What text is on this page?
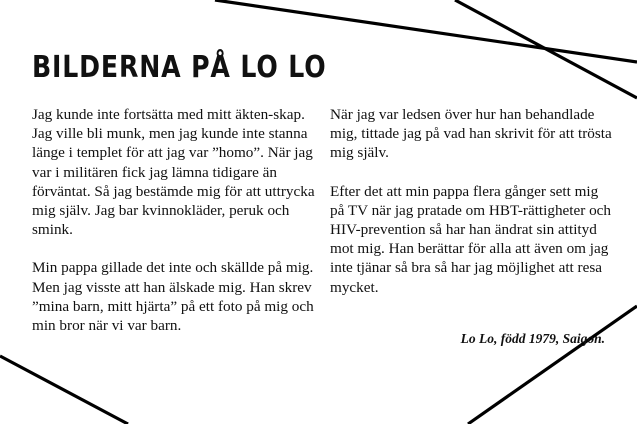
BILDERNA PÅ LO LO

Jag kunde inte fortsätta med mitt äkten-skap. Jag ville bli munk, men jag kunde inte stanna länge i templet för att jag var ”homo”. När jag var i militären fick jag lämna tidigare än förväntat. Så jag bestämde mig för att uttrycka mig själv. Jag bar kvinnokläder, peruk och smink.

Min pappa gillade det inte och skällde på mig. Men jag visste att han älskade mig. Han skrev ”mina barn, mitt hjärta” på ett foto på mig och min bror när vi var barn.

När jag var ledsen över hur han behandlade mig, tittade jag på vad han skrivit för att trösta mig själv.

Efter det att min pappa flera gånger sett mig på TV när jag pratade om HBT-rättigheter och HIV-prevention så har han ändrat sin attityd mot mig. Han berättar för alla att även om jag inte tjänar så bra så har jag möjlighet att resa mycket.

Lo Lo, född 1979, Saigon.
